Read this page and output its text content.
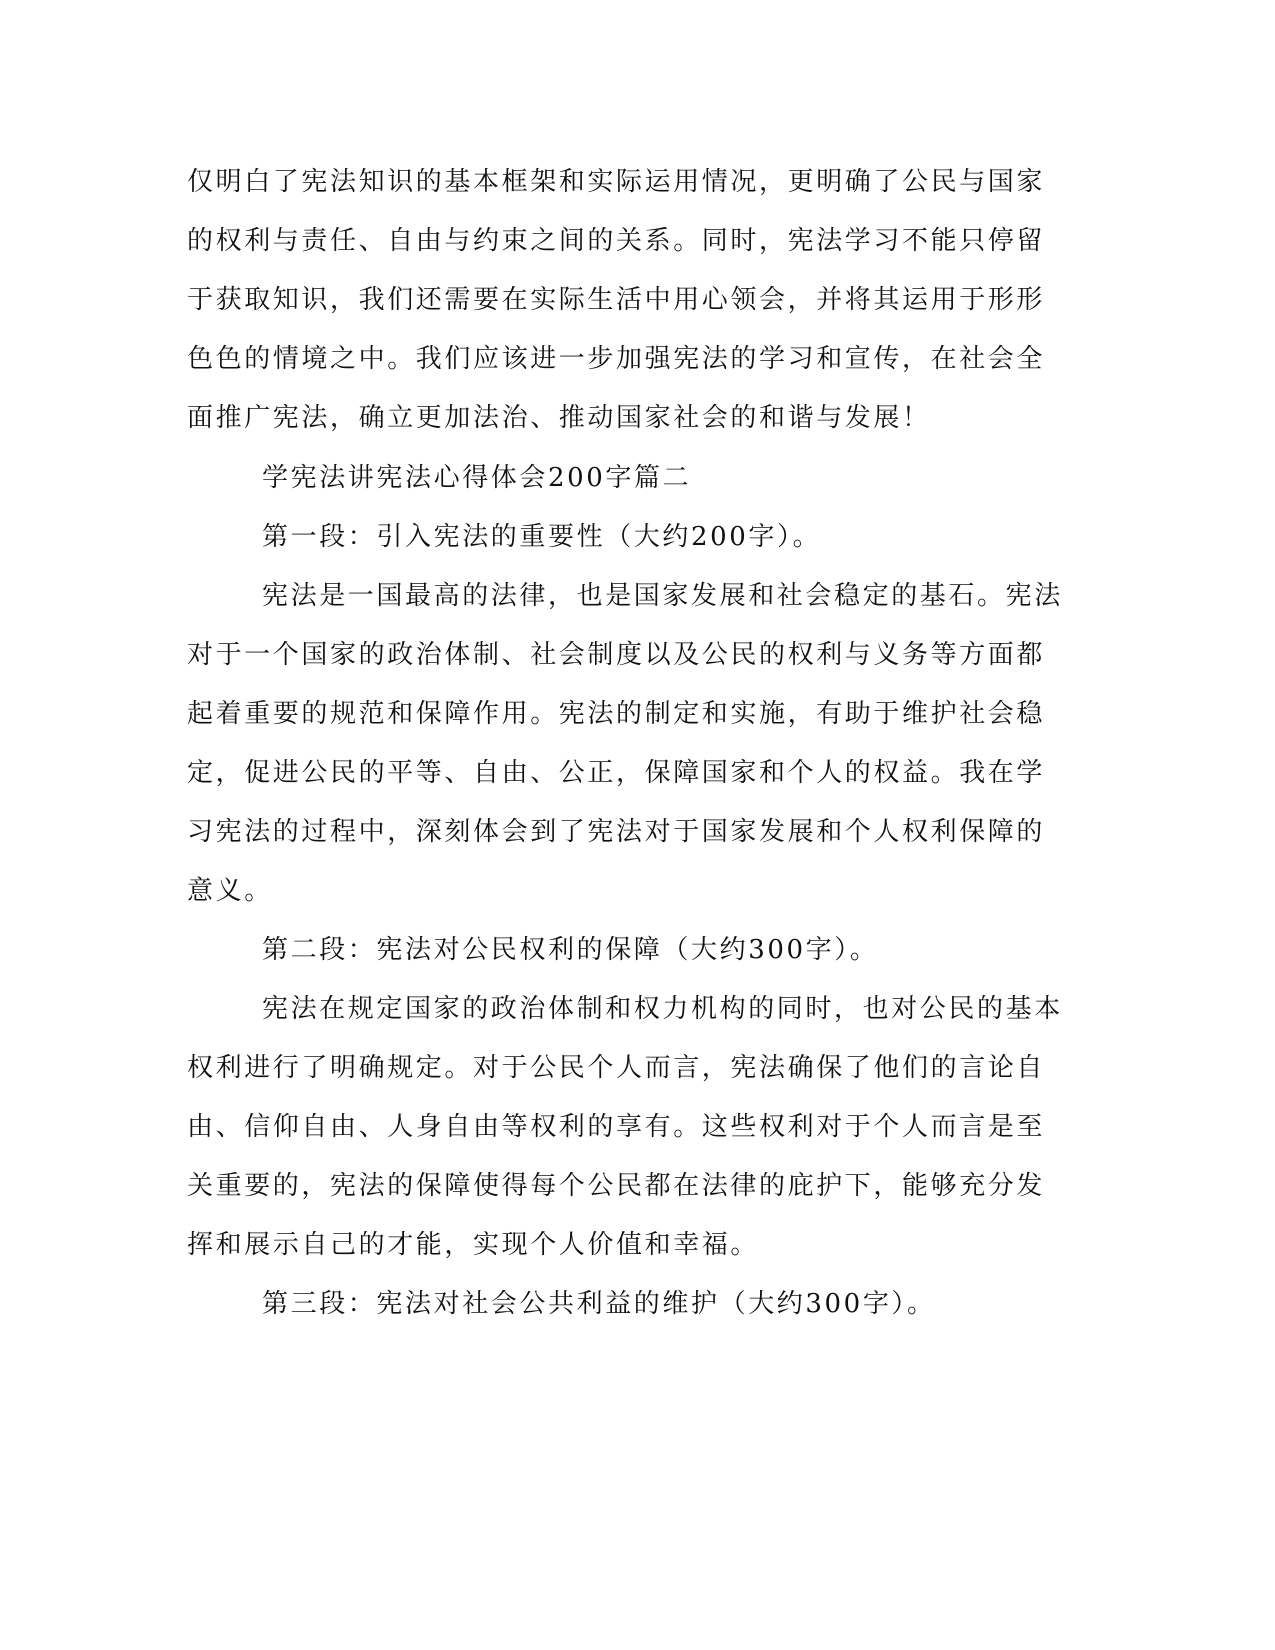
仅明白了宪法知识的基本框架和实际运用情况，更明确了公民与国家
的权利与责任、自由与约束之间的关系。同时，宪法学习不能只停留
于获取知识，我们还需要在实际生活中用心领会，并将其运用于形形
色色的情境之中。我们应该进一步加强宪法的学习和宣传，在社会全
面推广宪法，确立更加法治、推动国家社会的和谐与发展！
学宪法讲宪法心得体会200字篇二
第一段：引入宪法的重要性（大约200字）。
宪法是一国最高的法律，也是国家发展和社会稳定的基石。宪法
对于一个国家的政治体制、社会制度以及公民的权利与义务等方面都
起着重要的规范和保障作用。宪法的制定和实施，有助于维护社会稳
定，促进公民的平等、自由、公正，保障国家和个人的权益。我在学
习宪法的过程中，深刻体会到了宪法对于国家发展和个人权利保障的
意义。
第二段：宪法对公民权利的保障（大约300字）。
宪法在规定国家的政治体制和权力机构的同时，也对公民的基本
权利进行了明确规定。对于公民个人而言，宪法确保了他们的言论自
由、信仰自由、人身自由等权利的享有。这些权利对于个人而言是至
关重要的，宪法的保障使得每个公民都在法律的庇护下，能够充分发
挥和展示自己的才能，实现个人价值和幸福。
第三段：宪法对社会公共利益的维护（大约300字）。
